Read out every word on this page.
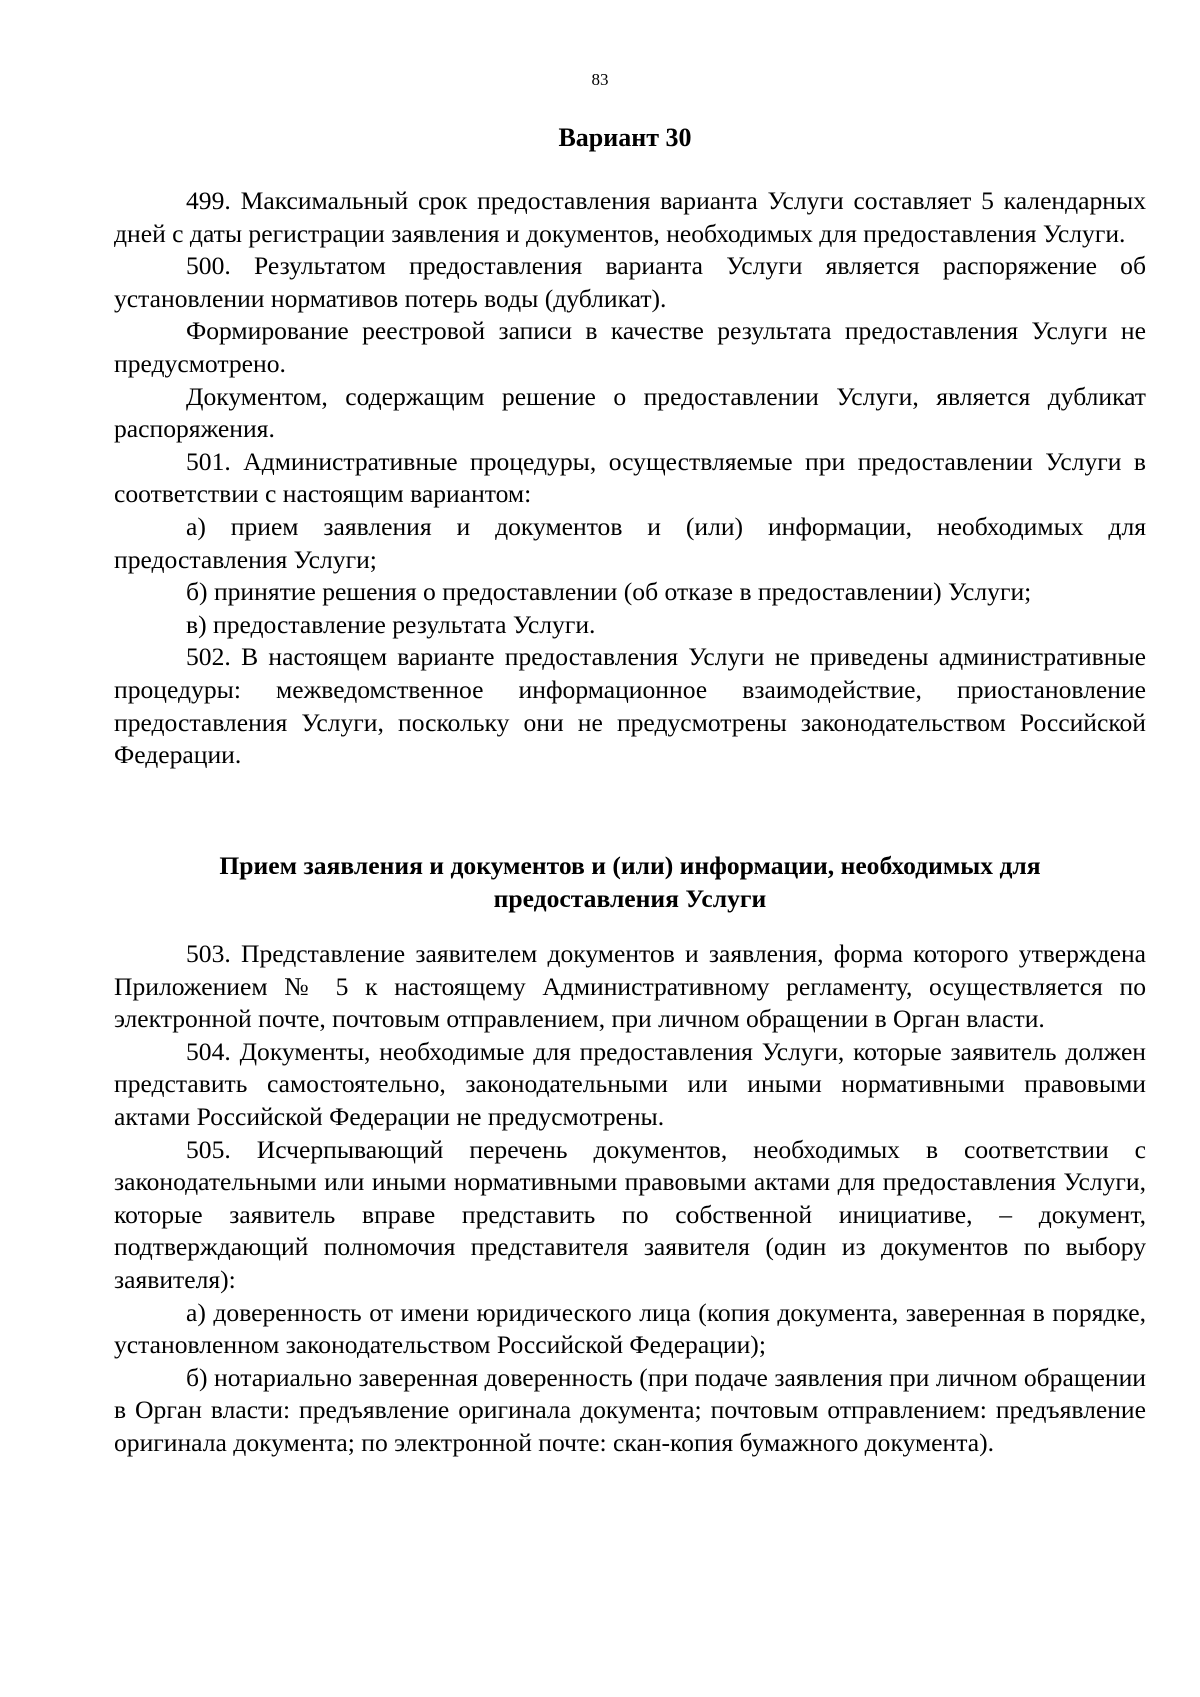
83
Вариант 30

499. Максимальный срок предоставления варианта Услуги составляет 5 календарных дней с даты регистрации заявления и документов, необходимых для предоставления Услуги.

500. Результатом предоставления варианта Услуги является распоряжение об установлении нормативов потерь воды (дубликат).

Формирование реестровой записи в качестве результата предоставления Услуги не предусмотрено.

Документом, содержащим решение о предоставлении Услуги, является дубликат распоряжения.

501. Административные процедуры, осуществляемые при предоставлении Услуги в соответствии с настоящим вариантом:

а) прием заявления и документов и (или) информации, необходимых для предоставления Услуги;

б) принятие решения о предоставлении (об отказе в предоставлении) Услуги;

в) предоставление результата Услуги.

502. В настоящем варианте предоставления Услуги не приведены административные процедуры: межведомственное информационное взаимодействие, приостановление предоставления Услуги, поскольку они не предусмотрены законодательством Российской Федерации.

Прием заявления и документов и (или) информации, необходимых для
предоставления Услуги

503. Представление заявителем документов и заявления, форма которого утверждена Приложением № 5 к настоящему Административному регламенту, осуществляется по электронной почте, почтовым отправлением, при личном обращении в Орган власти.

504. Документы, необходимые для предоставления Услуги, которые заявитель должен представить самостоятельно, законодательными или иными нормативными правовыми актами Российской Федерации не предусмотрены.

505. Исчерпывающий перечень документов, необходимых в соответствии с законодательными или иными нормативными правовыми актами для предоставления Услуги, которые заявитель вправе представить по собственной инициативе, – документ, подтверждающий полномочия представителя заявителя (один из документов по выбору заявителя):

а) доверенность от имени юридического лица (копия документа, заверенная в порядке, установленном законодательством Российской Федерации);

б) нотариально заверенная доверенность (при подаче заявления при личном обращении в Орган власти: предъявление оригинала документа; почтовым отправлением: предъявление оригинала документа; по электронной почте: скан-копия бумажного документа).
